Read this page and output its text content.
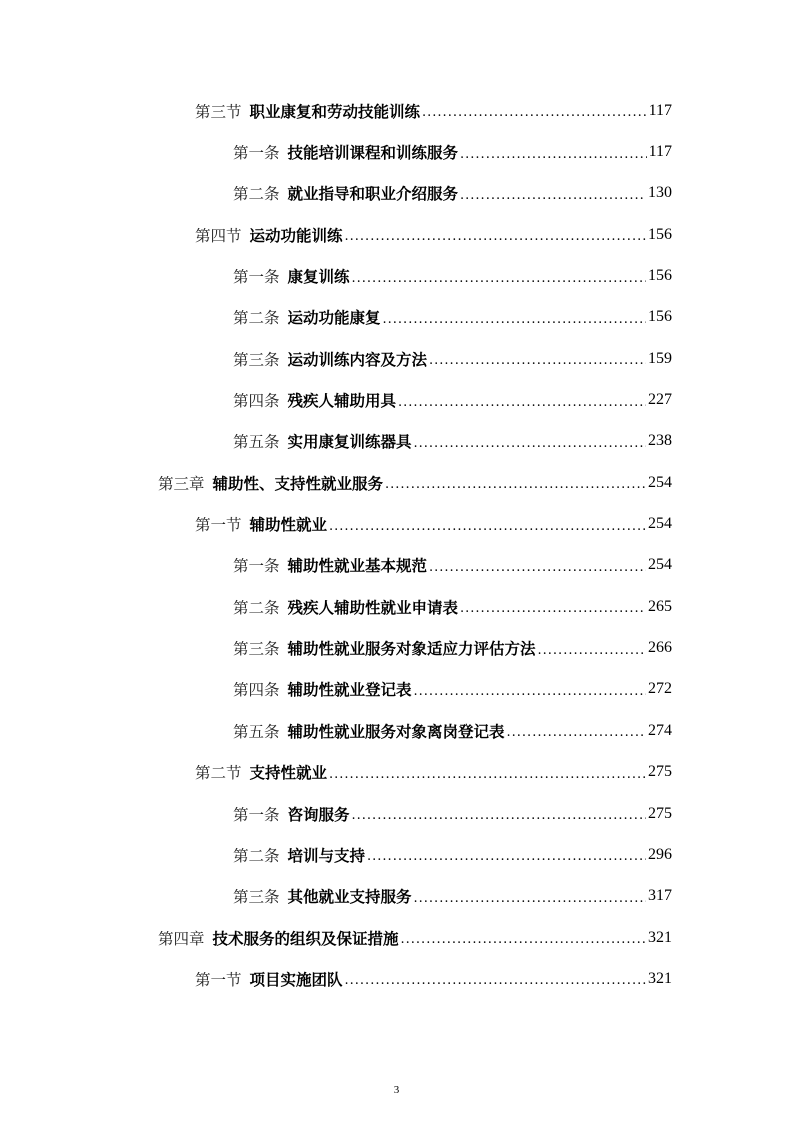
第三节 职业康复和劳动技能训练 .....	117
第一条 技能培训课程和训练服务 .....	117
第二条 就业指导和职业介绍服务 .....	130
第四节 运动功能训练 .....	156
第一条 康复训练 .....	156
第二条 运动功能康复 .....	156
第三条 运动训练内容及方法 .....	159
第四条 残疾人辅助用具 .....	227
第五条 实用康复训练器具 .....	238
第三章 辅助性、支持性就业服务 .....	254
第一节 辅助性就业 .....	254
第一条 辅助性就业基本规范 .....	254
第二条 残疾人辅助性就业申请表 .....	265
第三条 辅助性就业服务对象适应力评估方法 .....	266
第四条 辅助性就业登记表 .....	272
第五条 辅助性就业服务对象离岗登记表 .....	274
第二节 支持性就业 .....	275
第一条 咨询服务 .....	275
第二条 培训与支持 .....	296
第三条 其他就业支持服务 .....	317
第四章 技术服务的组织及保证措施 .....	321
第一节 项目实施团队 .....	321
3
